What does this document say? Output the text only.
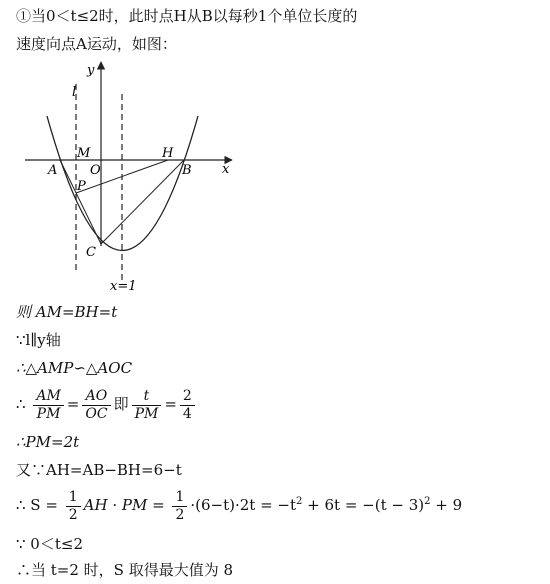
①当0＜t≤2时，此时点H从B以每秒1个单位长度的
速度向点A运动，如图：
y
x
l
M
O
H
A	B
P
C
x=1
则 AM=BH=t
∵l∥y轴
∴△AMP∽△AOC
∴ $\frac{AM}{PM} = \frac{AO}{OC}$ 即 $\frac{t}{PM} = \frac{2}{4}$
∴PM=2t
又∵AH=AB−BH=6−t
∴ $S = \frac{1}{2}$ AH · PM = $\frac{1}{2} \cdot(6-t)\cdot 2t = -t^2 + 6t = -(t - 3)^2 + 9$
∵ 0＜t≤2
∴当 t=2 时，S 取得最大值为 8
